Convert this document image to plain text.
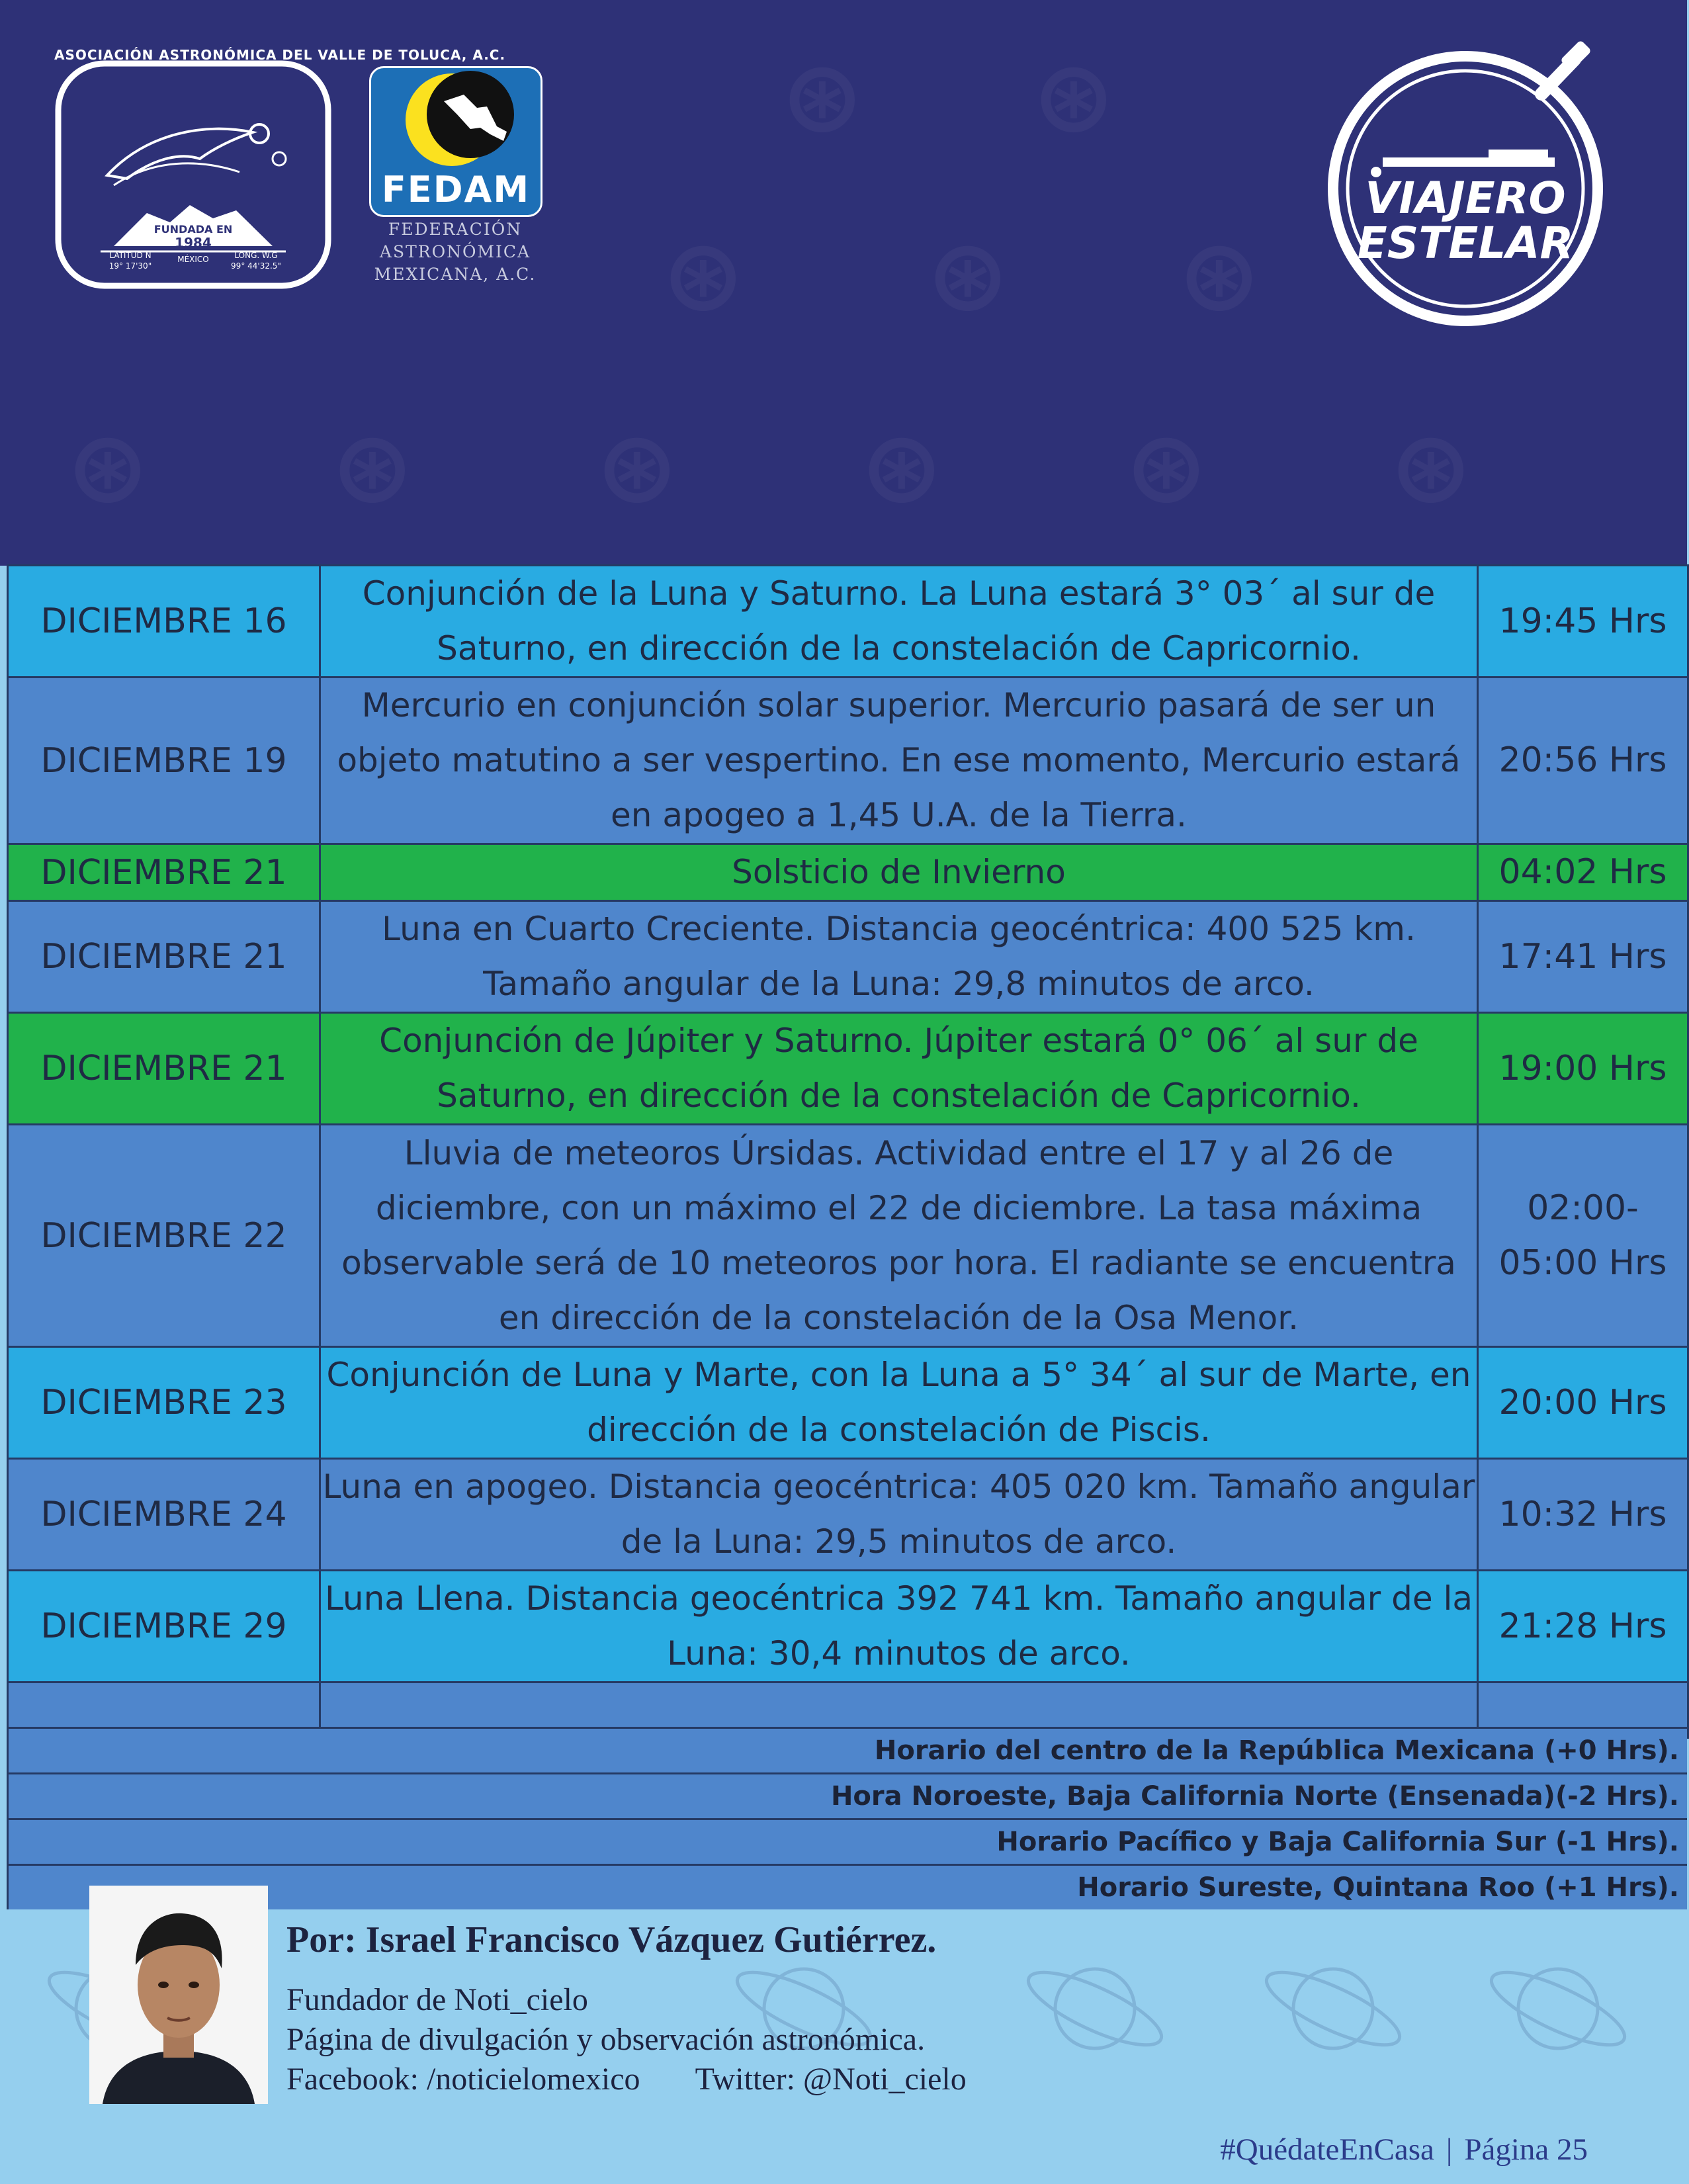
ASOCIACIÓN ASTRONÓMICA DEL VALLE DE TOLUCA, A.C.
FUNDADA EN
1984
MÉXICO
LATITUD N
19° 17'30"
LONG. W.G
99° 44'32.5"
FEDAM
FEDERACIÓN
ASTRONÓMICA
MEXICANA, A.C.
VIAJERO
ESTELAR
DICIEMBRE 16	Conjunción de la Luna y Saturno. La Luna estará 3° 03´ al sur de Saturno, en dirección de la constelación de Capricornio.	19:45 Hrs
DICIEMBRE 19	Mercurio en conjunción solar superior. Mercurio pasará de ser un objeto matutino a ser vespertino. En ese momento, Mercurio estará en apogeo a 1,45 U.A. de la Tierra.	20:56 Hrs
DICIEMBRE 21	Solsticio de Invierno	04:02 Hrs
DICIEMBRE 21	Luna en Cuarto Creciente. Distancia geocéntrica: 400 525 km. Tamaño angular de la Luna: 29,8 minutos de arco.	17:41 Hrs
DICIEMBRE 21	Conjunción de Júpiter y Saturno. Júpiter estará 0° 06´ al sur de Saturno, en dirección de la constelación de Capricornio.	19:00 Hrs
DICIEMBRE 22	Lluvia de meteoros Úrsidas. Actividad entre el 17 y al 26 de diciembre, con un máximo el 22 de diciembre. La tasa máxima observable será de 10 meteoros por hora. El radiante se encuentra en dirección de la constelación de la Osa Menor.	02:00-05:00 Hrs
DICIEMBRE 23	Conjunción de Luna y Marte, con la Luna a 5° 34´ al sur de Marte, en dirección de la constelación de Piscis.	20:00 Hrs
DICIEMBRE 24	Luna en apogeo. Distancia geocéntrica: 405 020 km. Tamaño angular de la Luna: 29,5 minutos de arco.	10:32 Hrs
DICIEMBRE 29	Luna Llena. Distancia geocéntrica 392 741 km. Tamaño angular de la Luna: 30,4 minutos de arco.	21:28 Hrs

Horario del centro de la República Mexicana (+0 Hrs).
Hora Noroeste, Baja California Norte (Ensenada)(-2 Hrs).
Horario Pacífico y Baja California Sur (-1 Hrs).
Horario Sureste, Quintana Roo (+1 Hrs).
Por: Israel Francisco Vázquez Gutiérrez.
Fundador de Noti_cielo
Página de divulgación y observación astronómica.
Facebook: /noticielomexico Twitter: @Noti_cielo
#QuédateEnCasa | Página 25
